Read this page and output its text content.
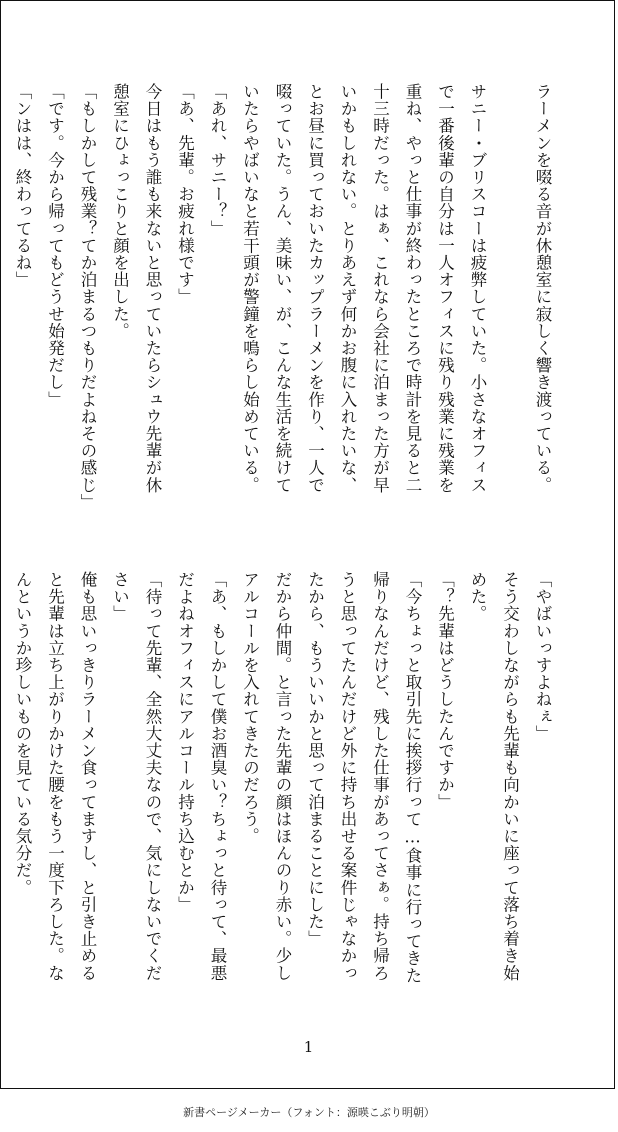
ラーメンを啜る音が休憩室に寂しく響き渡っている。

サニー・ブリスコーは疲弊していた。小さなオフィス
で一番後輩の自分は一人オフィスに残り残業に残業を
重ね、やっと仕事が終わったところで時計を見ると二
十三時だった。はぁ、これなら会社に泊まった方が早
いかもしれない。とりあえず何かお腹に入れたいな、
とお昼に買っておいたカップラーメンを作り、一人で
啜っていた。うん、美味い、が、こんな生活を続けて
いたらやばいなと若干頭が警鐘を鳴らし始めている。
「あれ、サニー？」
「あ、先輩。お疲れ様です」
今日はもう誰も来ないと思っていたらシュウ先輩が休
憩室にひょっこりと顔を出した。
「もしかして残業？てか泊まるつもりだよねその感じ」
「です。今から帰ってもどうせ始発だし」
「ンはは、終わってるね」
「やばいっすよねぇ」
そう交わしながらも先輩も向かいに座って落ち着き始
めた。
「？先輩はどうしたんですか」
「今ちょっと取引先に挨拶行って…食事に行ってきた
帰りなんだけど、残した仕事があってさぁ。持ち帰ろ
うと思ってたんだけど外に持ち出せる案件じゃなかっ
たから、もういいかと思って泊まることにした」
だから仲間。と言った先輩の顔はほんのり赤い。少し
アルコールを入れてきたのだろう。
「あ、もしかして僕お酒臭い？ちょっと待って、最悪
だよねオフィスにアルコール持ち込むとか」
「待って先輩、全然大丈夫なので、気にしないでくだ
さい」
俺も思いっきりラーメン食ってますし、と引き止める
と先輩は立ち上がりかけた腰をもう一度下ろした。な
んというか珍しいものを見ている気分だ。
1
新書ページメーカー（フォント：源暎こぶり明朝）
